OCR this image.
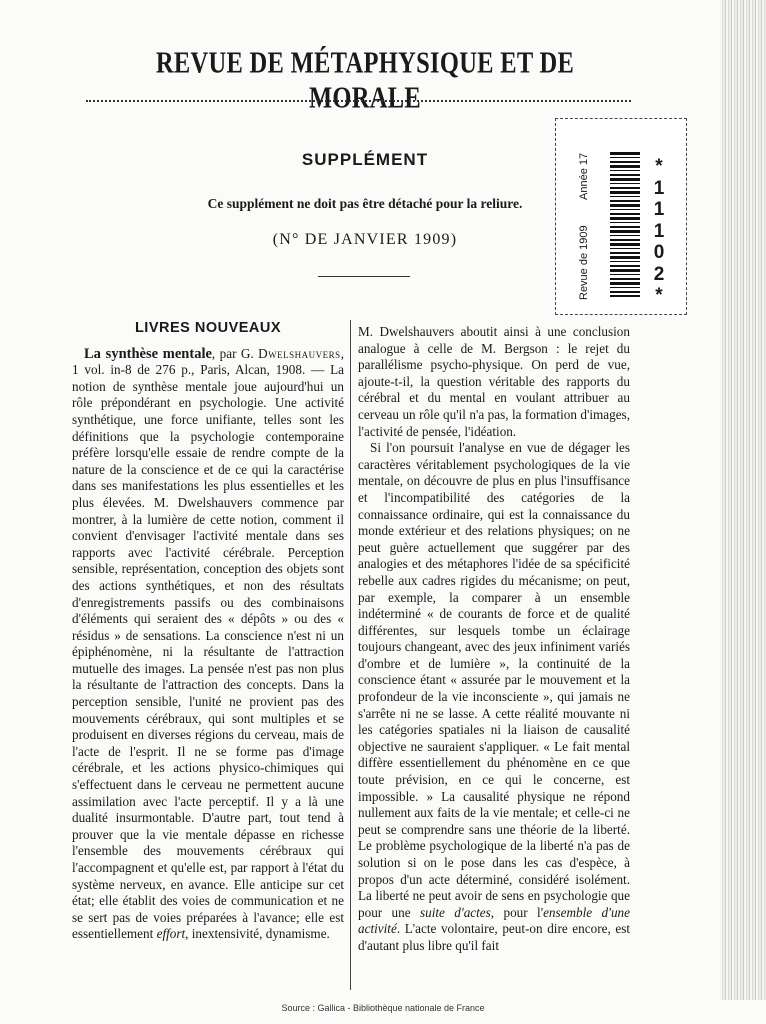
REVUE DE MÉTAPHYSIQUE ET DE MORALE
Année 17
Revue de 1909
*
1
1
1
0
2
*
SUPPLÉMENT
Ce supplément ne doit pas être détaché pour la reliure.
(N° DE JANVIER 1909)
LIVRES NOUVEAUX

La synthèse mentale, par G. Dwelshauvers, 1 vol. in-8 de 276 p., Paris, Alcan, 1908. — La notion de synthèse mentale joue aujourd'hui un rôle prépondérant en psychologie. Une activité synthétique, une force unifiante, telles sont les définitions que la psychologie contemporaine préfère lorsqu'elle essaie de rendre compte de la nature de la conscience et de ce qui la caractérise dans ses manifestations les plus essentielles et les plus élevées. M. Dwelshauvers commence par montrer, à la lumière de cette notion, comment il convient d'envisager l'activité mentale dans ses rapports avec l'activité cérébrale. Perception sensible, représentation, conception des objets sont des actions synthétiques, et non des résultats d'enregistrements passifs ou des combinaisons d'éléments qui seraient des « dépôts » ou des « résidus » de sensations. La conscience n'est ni un épiphénomène, ni la résultante de l'attraction mutuelle des images. La pensée n'est pas non plus la résultante de l'attraction des concepts. Dans la perception sensible, l'unité ne provient pas des mouvements cérébraux, qui sont multiples et se produisent en diverses régions du cerveau, mais de l'acte de l'esprit. Il ne se forme pas d'image cérébrale, et les actions physico-chimiques qui s'effectuent dans le cerveau ne permettent aucune assimilation avec l'acte perceptif. Il y a là une dualité insurmontable. D'autre part, tout tend à prouver que la vie mentale dépasse en richesse l'ensemble des mouvements cérébraux qui l'accompagnent et qu'elle est, par rapport à l'état du système nerveux, en avance. Elle anticipe sur cet état; elle établit des voies de communication et ne se sert pas de voies préparées à l'avance; elle est essentiellement effort, inextensivité, dynamisme.

M. Dwelshauvers aboutit ainsi à une conclusion analogue à celle de M. Bergson : le rejet du parallélisme psycho-physique. On perd de vue, ajoute-t-il, la question véritable des rapports du cérébral et du mental en voulant attribuer au cerveau un rôle qu'il n'a pas, la formation d'images, l'activité de pensée, l'idéation.

Si l'on poursuit l'analyse en vue de dégager les caractères véritablement psychologiques de la vie mentale, on découvre de plus en plus l'insuffisance et l'incompatibilité des catégories de la connaissance ordinaire, qui est la connaissance du monde extérieur et des relations physiques; on ne peut guère actuellement que suggérer par des analogies et des métaphores l'idée de sa spécificité rebelle aux cadres rigides du mécanisme; on peut, par exemple, la comparer à un ensemble indéterminé « de courants de force et de qualité différentes, sur lesquels tombe un éclairage toujours changeant, avec des jeux infiniment variés d'ombre et de lumière », la continuité de la conscience étant « assurée par le mouvement et la profondeur de la vie inconsciente », qui jamais ne s'arrête ni ne se lasse. A cette réalité mouvante ni les catégories spatiales ni la liaison de causalité objective ne sauraient s'appliquer. « Le fait mental diffère essentiellement du phénomène en ce que toute prévision, en ce qui le concerne, est impossible. » La causalité physique ne répond nullement aux faits de la vie mentale; et celle-ci ne peut se comprendre sans une théorie de la liberté. Le problème psychologique de la liberté n'a pas de solution si on le pose dans les cas d'espèce, à propos d'un acte déterminé, considéré isolément. La liberté ne peut avoir de sens en psychologie que pour une suite d'actes, pour l'ensemble d'une activité. L'acte volontaire, peut-on dire encore, est d'autant plus libre qu'il fait

Source : Gallica - Bibliothèque nationale de France
